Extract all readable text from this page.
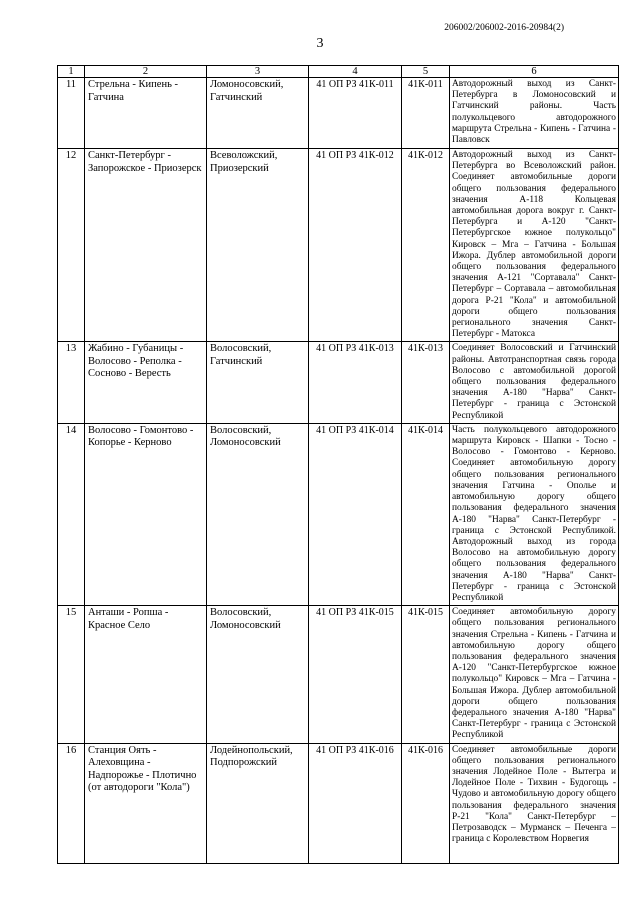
206002/206002-2016-20984(2)
3
1	2	3	4	5	6
11	Стрельна - Кипень - Гатчина	Ломоносовский, Гатчинский	41 ОП РЗ 41К-011	41К-011	Автодорожный выход из Санкт-Петербурга в Ломоносовский и Гатчинский районы. Часть полукольцевого автодорожного маршрута Стрельна - Кипень - Гатчина - Павловск
12	Санкт-Петербург - Запорожское - Приозерск	Всеволожский, Приозерский	41 ОП РЗ 41К-012	41К-012	Автодорожный выход из Санкт-Петербурга во Всеволожский район. Соединяет автомобильные дороги общего пользования федерального значения А-118 Кольцевая автомобильная дорога вокруг г. Санкт-Петербурга и А-120 "Санкт-Петербургское южное полукольцо" Кировск – Мга – Гатчина - Большая Ижора. Дублер автомобильной дороги общего пользования федерального значения А-121 "Сортавала" Санкт-Петербург – Сортавала – автомобильная дорога Р-21 "Кола" и автомобильной дороги общего пользования регионального значения Санкт-Петербург - Матокса
13	Жабино - Губаницы - Волосово - Реполка - Сосново - Вересть	Волосовский, Гатчинский	41 ОП РЗ 41К-013	41К-013	Соединяет Волосовский и Гатчинский районы. Автотранспортная связь города Волосово с автомобильной дорогой общего пользования федерального значения А-180 "Нарва" Санкт-Петербург - граница с Эстонской Республикой
14	Волосово - Гомонтово - Копорье - Керново	Волосовский, Ломоносовский	41 ОП РЗ 41К-014	41К-014	Часть полукольцевого автодорожного маршрута Кировск - Шапки - Тосно - Волосово - Гомонтово - Керново. Соединяет автомобильную дорогу общего пользования регионального значения Гатчина - Ополье и автомобильную дорогу общего пользования федерального значения А-180 "Нарва" Санкт-Петербург - граница с Эстонской Республикой. Автодорожный выход из города Волосово на автомобильную дорогу общего пользования федерального значения А-180 "Нарва" Санкт-Петербург - граница с Эстонской Республикой
15	Анташи - Ропша - Красное Село	Волосовский, Ломоносовский	41 ОП РЗ 41К-015	41К-015	Соединяет автомобильную дорогу общего пользования регионального значения Стрельна - Кипень - Гатчина и автомобильную дорогу общего пользования федерального значения А-120 "Санкт-Петербургское южное полукольцо" Кировск – Мга – Гатчина - Большая Ижора. Дублер автомобильной дороги общего пользования федерального значения А-180 "Нарва" Санкт-Петербург - граница с Эстонской Республикой
16	Станция Оять - Алеховщина - Надпорожье - Плотично (от автодороги "Кола")	Лодейнопольский, Подпорожский	41 ОП РЗ 41К-016	41К-016	Соединяет автомобильные дороги общего пользования регионального значения Лодейное Поле - Вытегра и Лодейное Поле - Тихвин - Будогощь - Чудово и автомобильную дорогу общего пользования федерального значения Р-21 "Кола" Санкт-Петербург – Петрозаводск – Мурманск – Печенга – граница с Королевством Норвегия
